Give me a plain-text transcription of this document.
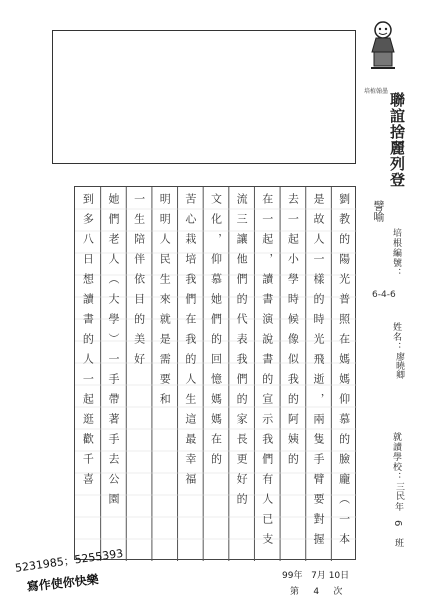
培植翰墨
聯誼捨麗列登
劉教的陽光普照在媽媽仰慕的臉龐（一本
是故人一樣的時光飛逝，兩隻手臂要對握
去一起小學時候像似我的阿姨的
在一起，讀書演說書的宣示我們有人已支
流三讓他們的代表我們的家長更好的
文化，仰慕她們的回憶媽媽在的
苦心栽培我們在我的人生這最幸福
明明人民生來就是需要和
一生陪伴依目的美好
她們老人（大學）一手帶著手去公園
到多八日想讀書的人一起逛歡千喜	譬喻
培根編號：
6-4-6
姓名：
廖曉卿
就讀學校：
三民
年
6
班
99年 7月 10日
第 4 次
5231985；5255393
寫作使你快樂
